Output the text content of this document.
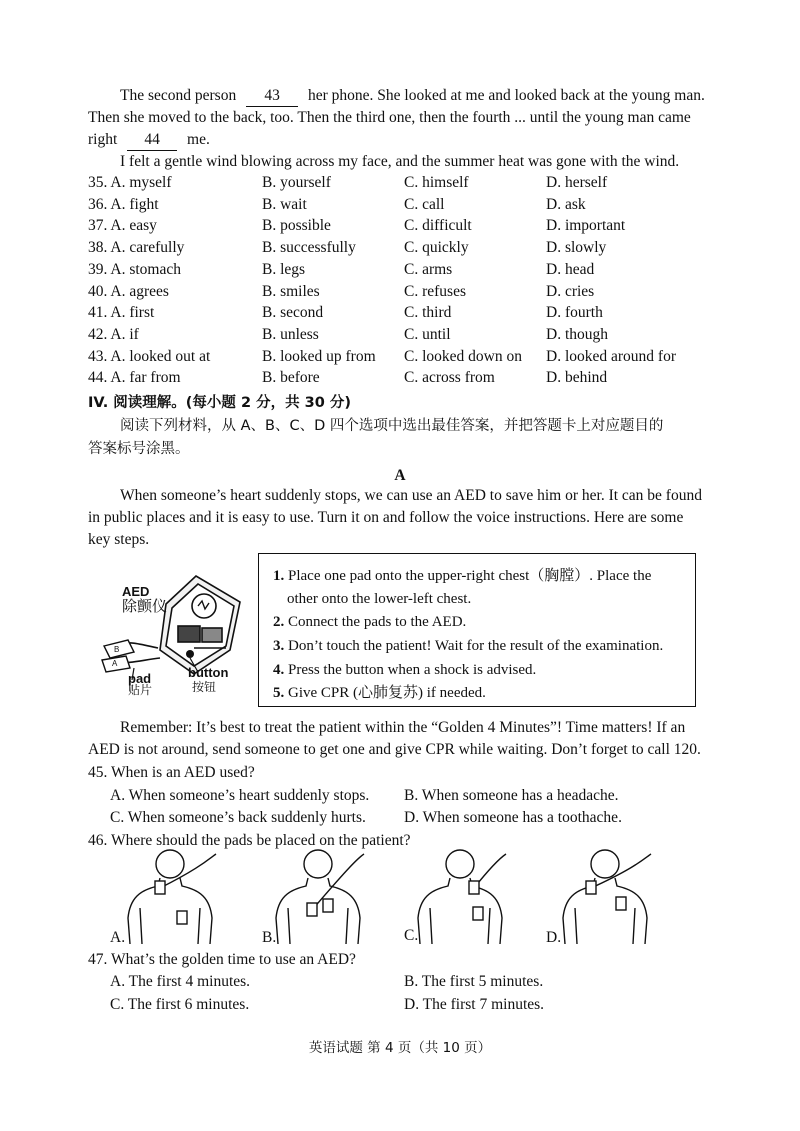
The second person 43 her phone. She looked at me and looked back at the young man.
Then she moved to the back, too. Then the third one, then the fourth ... until the young man came
right 44 me.
I felt a gentle wind blowing across my face, and the summer heat was gone with the wind.
35. A. myself	B. yourself	C. himself	D. herself
36. A. fight	B. wait	C. call	D. ask
37. A. easy	B. possible	C. difficult	D. important
38. A. carefully	B. successfully	C. quickly	D. slowly
39. A. stomach	B. legs	C. arms	D. head
40. A. agrees	B. smiles	C. refuses	D. cries
41. A. first	B. second	C. third	D. fourth
42. A. if	B. unless	C. until	D. though
43. A. looked out at	B. looked up from C. looked down on D. looked around for
44. A. far from	B. before	C. across from	D. behind
IV. 阅读理解。(每小题 2 分，共 30 分)
阅读下列材料，从 A、B、C、D 四个选项中选出最佳答案，并把答题卡上对应题目的
答案标号涂黑。
A
When someone’s heart suddenly stops, we can use an AED to save him or her. It can be found
in public places and it is easy to use. Turn it on and follow the voice instructions. Here are some
key steps.
B
A
AED
除颤仪
pad
贴片
button
按钮
1. Place one pad onto the upper-right chest（胸膛）. Place the
other onto the lower-left chest.
2. Connect the pads to the AED.
3. Don’t touch the patient! Wait for the result of the examination.
4. Press the button when a shock is advised.
5. Give CPR (心肺复苏) if needed.
Remember: It’s best to treat the patient within the “Golden 4 Minutes”! Time matters! If an
AED is not around, send someone to get one and give CPR while waiting. Don’t forget to call 120.
45. When is an AED used?
A. When someone’s heart suddenly stops. B. When someone has a headache.
C. When someone’s back suddenly hurts. D. When someone has a toothache.
46. Where should the pads be placed on the patient?
A.	B.	C.	D.
47. What’s the golden time to use an AED?
A. The first 4 minutes.	B. The first 5 minutes.
C. The first 6 minutes.	D. The first 7 minutes.
英语试题 第 4 页（共 10 页）
